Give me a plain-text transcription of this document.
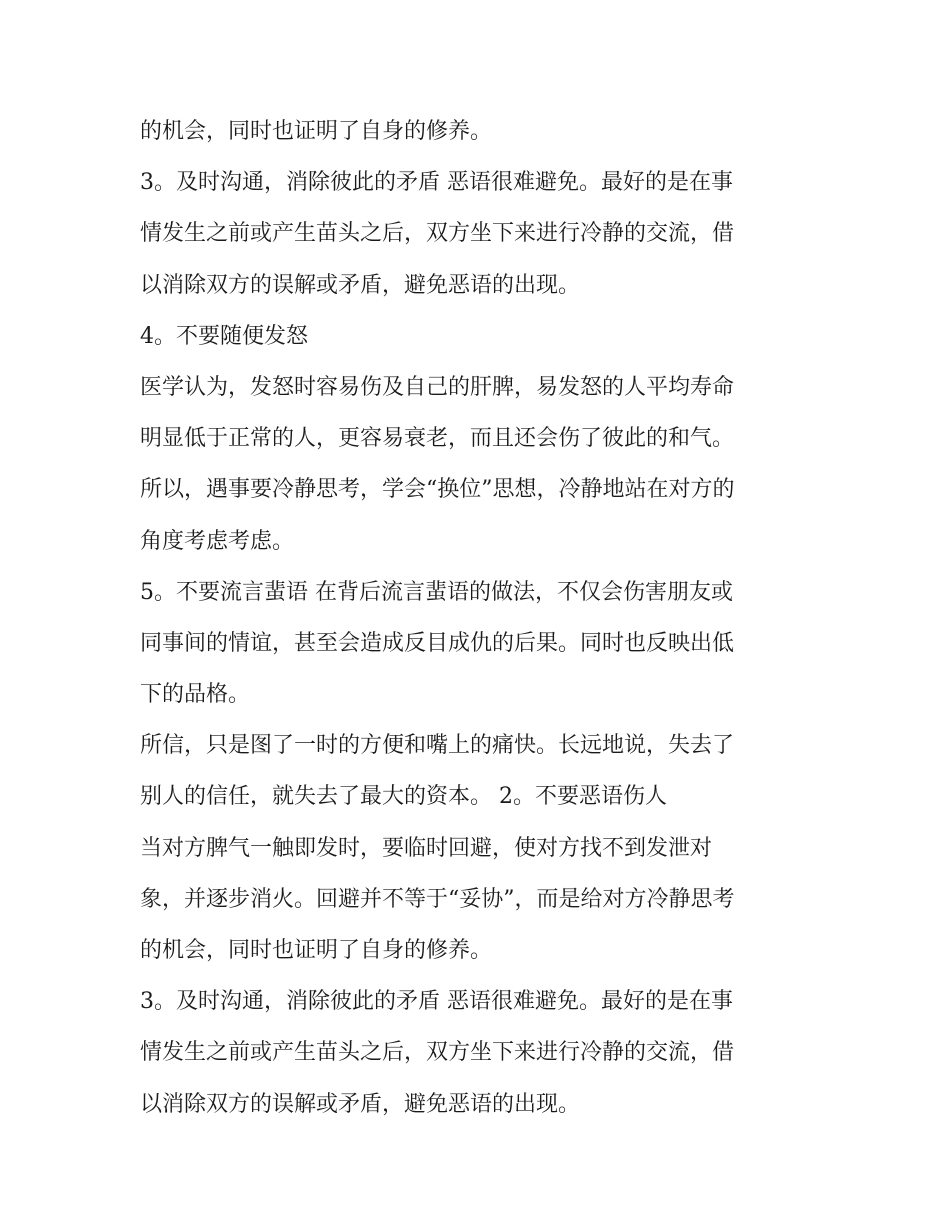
的机会，同时也证明了自身的修养。
3。及时沟通，消除彼此的矛盾 恶语很难避免。最好的是在事
情发生之前或产生苗头之后，双方坐下来进行冷静的交流，借
以消除双方的误解或矛盾，避免恶语的出现。
4。不要随便发怒
医学认为，发怒时容易伤及自己的肝脾，易发怒的人平均寿命
明显低于正常的人，更容易衰老，而且还会伤了彼此的和气。
所以，遇事要冷静思考，学会“换位”思想，冷静地站在对方的
角度考虑考虑。
5。不要流言蜚语 在背后流言蜚语的做法，不仅会伤害朋友或
同事间的情谊，甚至会造成反目成仇的后果。同时也反映出低
下的品格。
所信，只是图了一时的方便和嘴上的痛快。长远地说，失去了
别人的信任，就失去了最大的资本。 2。不要恶语伤人
当对方脾气一触即发时，要临时回避，使对方找不到发泄对
象，并逐步消火。回避并不等于“妥协”，而是给对方冷静思考
的机会，同时也证明了自身的修养。
3。及时沟通，消除彼此的矛盾 恶语很难避免。最好的是在事
情发生之前或产生苗头之后，双方坐下来进行冷静的交流，借
以消除双方的误解或矛盾，避免恶语的出现。
